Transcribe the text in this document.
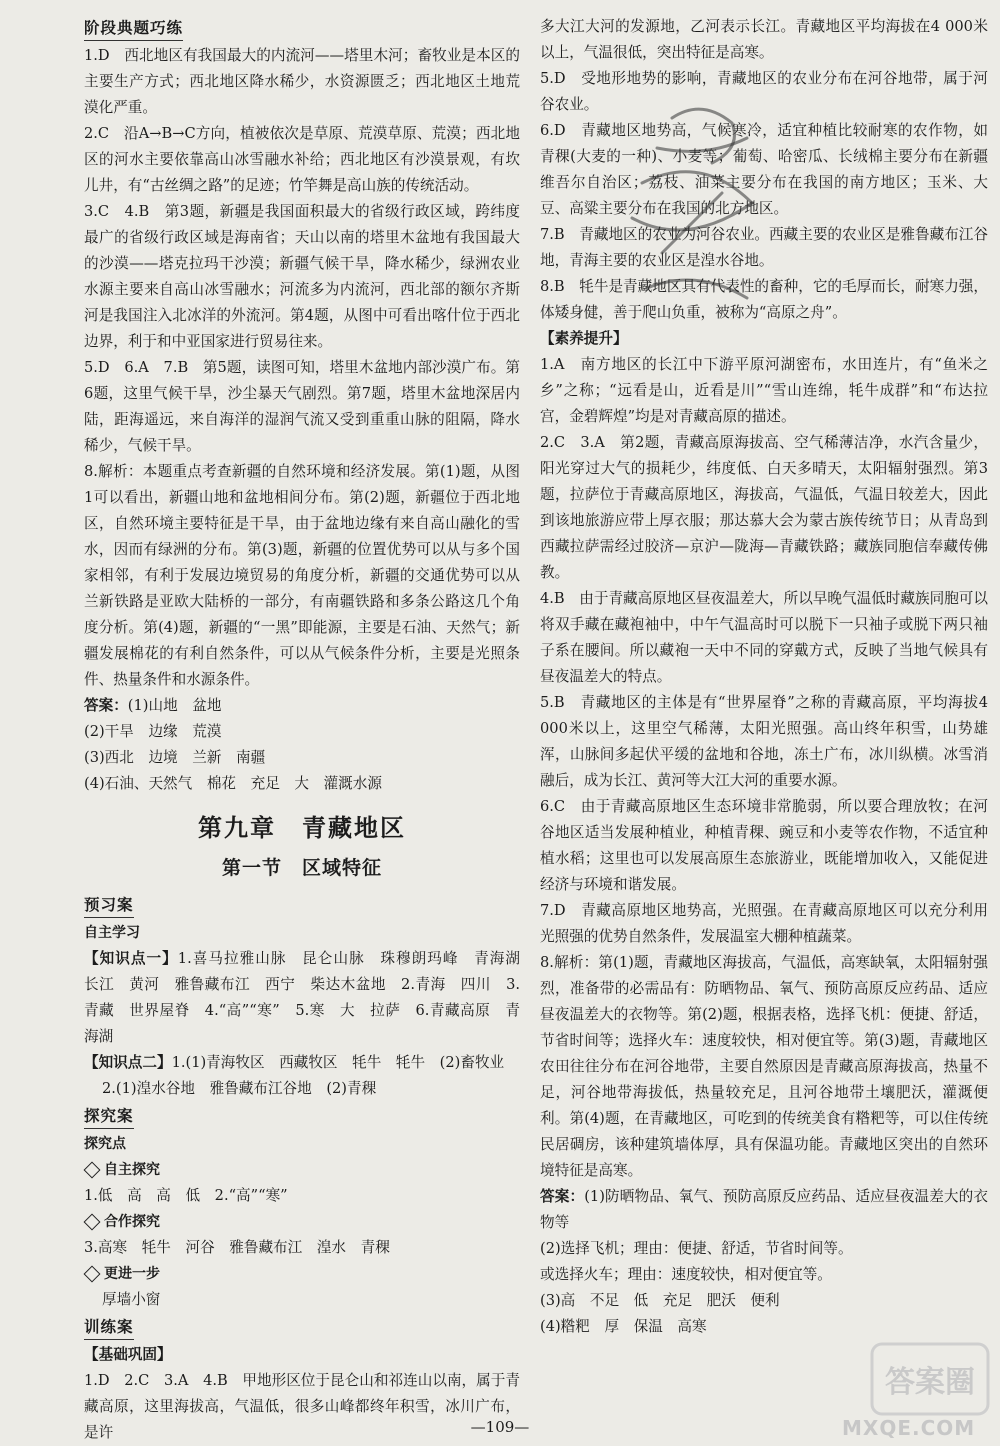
阶段典题巧练

1.D　西北地区有我国最大的内流河——塔里木河；畜牧业是本区的主要生产方式；西北地区降水稀少，水资源匮乏；西北地区土地荒漠化严重。

2.C　沿A→B→C方向，植被依次是草原、荒漠草原、荒漠；西北地区的河水主要依靠高山冰雪融水补给；西北地区有沙漠景观，有坎儿井，有“古丝绸之路”的足迹；竹竿舞是高山族的传统活动。

3.C　4.B　第3题，新疆是我国面积最大的省级行政区域，跨纬度最广的省级行政区域是海南省；天山以南的塔里木盆地有我国最大的沙漠——塔克拉玛干沙漠；新疆气候干旱，降水稀少，绿洲农业水源主要来自高山冰雪融水；河流多为内流河，西北部的额尔齐斯河是我国注入北冰洋的外流河。第4题，从图中可看出喀什位于西北边界，利于和中亚国家进行贸易往来。

5.D　6.A　7.B　第5题，读图可知，塔里木盆地内部沙漠广布。第6题，这里气候干旱，沙尘暴天气剧烈。第7题，塔里木盆地深居内陆，距海遥远，来自海洋的湿润气流又受到重重山脉的阻隔，降水稀少，气候干旱。

8.解析：本题重点考查新疆的自然环境和经济发展。第(1)题，从图1可以看出，新疆山地和盆地相间分布。第(2)题，新疆位于西北地区，自然环境主要特征是干旱，由于盆地边缘有来自高山融化的雪水，因而有绿洲的分布。第(3)题，新疆的位置优势可以从与多个国家相邻，有利于发展边境贸易的角度分析，新疆的交通优势可以从兰新铁路是亚欧大陆桥的一部分，有南疆铁路和多条公路这几个角度分析。第(4)题，新疆的“一黑”即能源，主要是石油、天然气；新疆发展棉花的有利自然条件，可以从气候条件分析，主要是光照条件、热量条件和水源条件。

答案：(1)山地　盆地

(2)干旱　边缘　荒漠

(3)西北　边境　兰新　南疆

(4)石油、天然气　棉花　充足　大　灌溉水源

第九章　青藏地区
第一节　区域特征
预习案
自主学习

【知识点一】1.喜马拉雅山脉　昆仑山脉　珠穆朗玛峰　青海湖　长江　黄河　雅鲁藏布江　西宁　柴达木盆地　2.青海　四川　3.青藏　世界屋脊　4.“高”“寒”　5.寒　大　拉萨　6.青藏高原　青海湖

【知识点二】1.(1)青海牧区　西藏牧区　牦牛　牦牛　(2)畜牧业

2.(1)湟水谷地　雅鲁藏布江谷地　(2)青稞

探究案
探究点
自主探究

1.低　高　高　低　2.“高”“寒”

合作探究

3.高寒　牦牛　河谷　雅鲁藏布江　湟水　青稞

更进一步

厚墙小窗

训练案
【基础巩固】

1.D　2.C　3.A　4.B　甲地形区位于昆仑山和祁连山以南，属于青藏高原，这里海拔高，气温低，很多山峰都终年积雪，冰川广布，是许

多大江大河的发源地，乙河表示长江。青藏地区平均海拔在4 000米以上，气温很低，突出特征是高寒。

5.D　受地形地势的影响，青藏地区的农业分布在河谷地带，属于河谷农业。

6.D　青藏地区地势高，气候寒冷，适宜种植比较耐寒的农作物，如青稞(大麦的一种)、小麦等；葡萄、哈密瓜、长绒棉主要分布在新疆维吾尔自治区；荔枝、油菜主要分布在我国的南方地区；玉米、大豆、高粱主要分布在我国的北方地区。

7.B　青藏地区的农业为河谷农业。西藏主要的农业区是雅鲁藏布江谷地，青海主要的农业区是湟水谷地。

8.B　牦牛是青藏地区具有代表性的畜种，它的毛厚而长，耐寒力强，体矮身健，善于爬山负重，被称为“高原之舟”。

【素养提升】

1.A　南方地区的长江中下游平原河湖密布，水田连片，有“鱼米之乡”之称；“远看是山，近看是川”“雪山连绵，牦牛成群”和“布达拉宫，金碧辉煌”均是对青藏高原的描述。

2.C　3.A　第2题，青藏高原海拔高、空气稀薄洁净，水汽含量少，阳光穿过大气的损耗少，纬度低、白天多晴天，太阳辐射强烈。第3题，拉萨位于青藏高原地区，海拔高，气温低，气温日较差大，因此到该地旅游应带上厚衣服；那达慕大会为蒙古族传统节日；从青岛到西藏拉萨需经过胶济—京沪—陇海—青藏铁路；藏族同胞信奉藏传佛教。

4.B　由于青藏高原地区昼夜温差大，所以早晚气温低时藏族同胞可以将双手藏在藏袍袖中，中午气温高时可以脱下一只袖子或脱下两只袖子系在腰间。所以藏袍一天中不同的穿戴方式，反映了当地气候具有昼夜温差大的特点。

5.B　青藏地区的主体是有“世界屋脊”之称的青藏高原，平均海拔4 000米以上，这里空气稀薄，太阳光照强。高山终年积雪，山势雄浑，山脉间多起伏平缓的盆地和谷地，冻土广布，冰川纵横。冰雪消融后，成为长江、黄河等大江大河的重要水源。

6.C　由于青藏高原地区生态环境非常脆弱，所以要合理放牧；在河谷地区适当发展种植业，种植青稞、豌豆和小麦等农作物，不适宜种植水稻；这里也可以发展高原生态旅游业，既能增加收入，又能促进经济与环境和谐发展。

7.D　青藏高原地区地势高，光照强。在青藏高原地区可以充分利用光照强的优势自然条件，发展温室大棚种植蔬菜。

8.解析：第(1)题，青藏地区海拔高，气温低，高寒缺氧，太阳辐射强烈，准备带的必需品有：防晒物品、氧气、预防高原反应药品、适应昼夜温差大的衣物等。第(2)题，根据表格，选择飞机：便捷、舒适，节省时间等；选择火车：速度较快，相对便宜等。第(3)题，青藏地区农田往往分布在河谷地带，主要自然原因是青藏高原海拔高，热量不足，河谷地带海拔低，热量较充足，且河谷地带土壤肥沃，灌溉便利。第(4)题，在青藏地区，可吃到的传统美食有糌粑等，可以住传统民居碉房，该种建筑墙体厚，具有保温功能。青藏地区突出的自然环境特征是高寒。

答案：(1)防晒物品、氧气、预防高原反应药品、适应昼夜温差大的衣物等

(2)选择飞机；理由：便捷、舒适，节省时间等。

或选择火车；理由：速度较快，相对便宜等。

(3)高　不足　低　充足　肥沃　便利

(4)糌粑　厚　保温　高寒

答案圈
MXQE.COM
—109—
